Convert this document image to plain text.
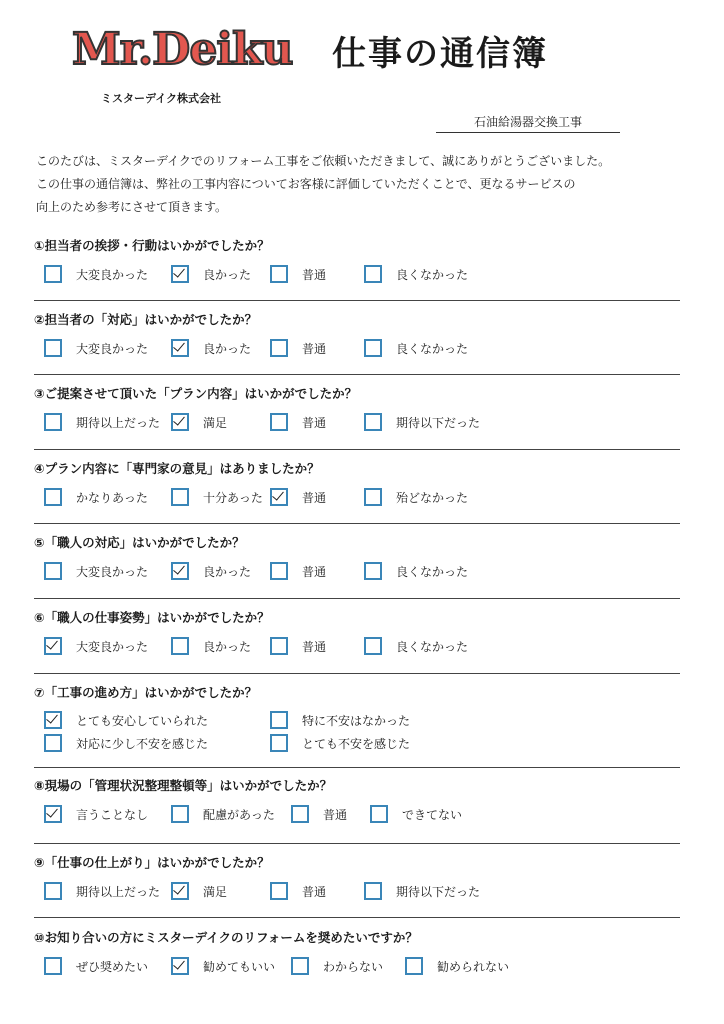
Mr.Deiku 仕事の通信簿
ミスターデイク株式会社
石油給湯器交換工事

このたびは、ミスターデイクでのリフォーム工事をご依頼いただきまして、誠にありがとうございました。

この仕事の通信簿は、弊社の工事内容についてお客様に評価していただくことで、更なるサービスの

向上のため参考にさせて頂きます。

①担当者の挨拶・行動はいかがでしたか？
大変良かった	良かった	普通	良くなかった
②担当者の「対応」はいかがでしたか？
大変良かった	良かった	普通	良くなかった
③ご提案させて頂いた「プラン内容」はいかがでしたか？
期待以上だった	満足	普通	期待以下だった
④プラン内容に「専門家の意見」はありましたか？
かなりあった	十分あった	普通	殆どなかった
⑤「職人の対応」はいかがでしたか？
大変良かった	良かった	普通	良くなかった
⑥「職人の仕事姿勢」はいかがでしたか？
大変良かった	良かった	普通	良くなかった
⑦「工事の進め方」はいかがでしたか？
とても安心していられた	特に不安はなかった
対応に少し不安を感じた	とても不安を感じた
⑧現場の「管理状況整理整頓等」はいかがでしたか？
言うことなし	配慮があった	普通	できてない
⑨「仕事の仕上がり」はいかがでしたか？
期待以上だった	満足	普通	期待以下だった
⑩お知り合いの方にミスターデイクのリフォームを奨めたいですか？
ぜひ奨めたい	勧めてもいい	わからない	勧められない
